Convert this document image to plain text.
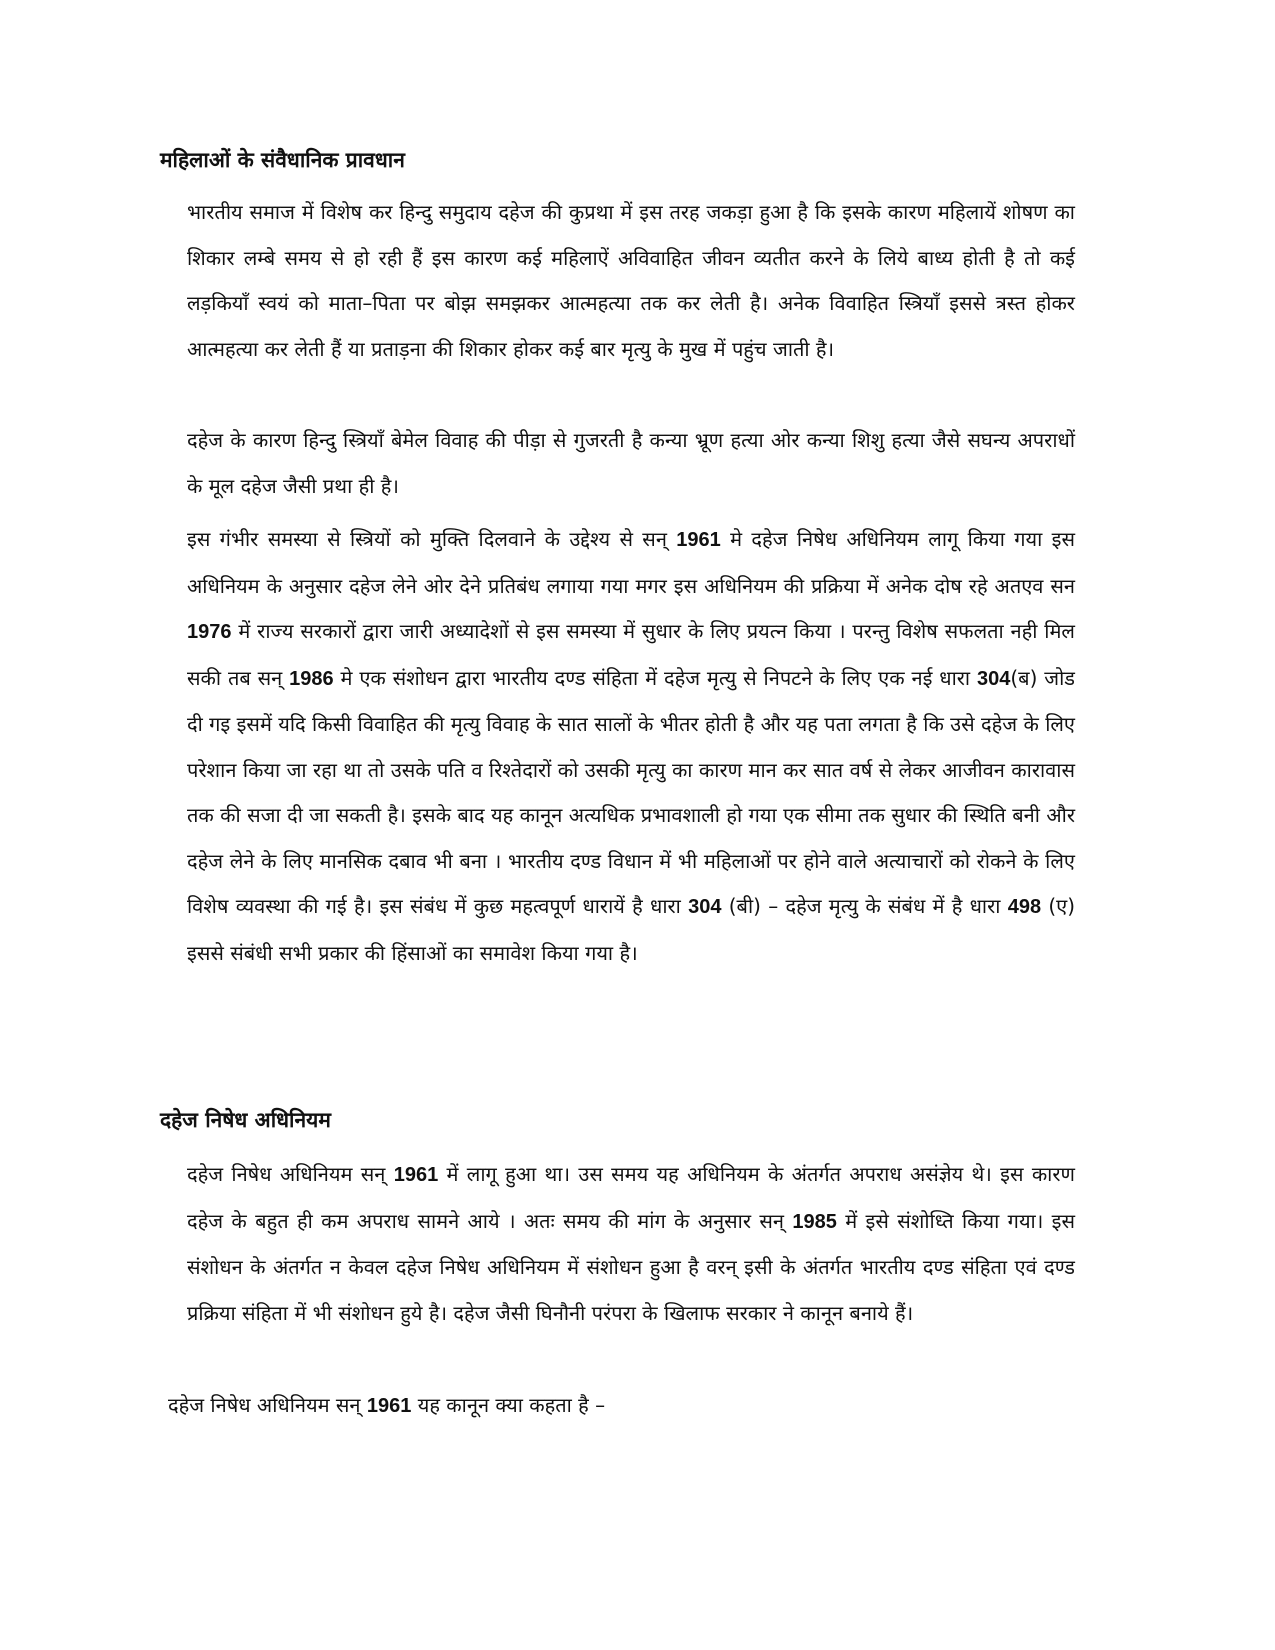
महिलाओं के संवैधानिक प्रावधान

भारतीय समाज में विशेष कर हिन्दु समुदाय दहेज की कुप्रथा में इस तरह जकड़ा हुआ है कि इसके कारण महिलायें शोषण का शिकार लम्बे समय से हो रही हैं इस कारण कई महिलाऐं अविवाहित जीवन व्यतीत करने के लिये बाध्य होती है तो कई लड़कियॉं स्वयं को माता–पिता पर बोझ समझकर आत्महत्या तक कर लेती है। अनेक विवाहित स्त्रियॉं इससे त्रस्त होकर आत्महत्या कर लेती हैं या प्रताड़ना की शिकार होकर कई बार मृत्यु के मुख में पहुंच जाती है।

दहेज के कारण हिन्दु स्त्रियॉं बेमेल विवाह की पीड़ा से गुजरती है कन्या भ्रूण हत्या ओर कन्या शिशु हत्या जैसे सघन्य अपराधों के मूल दहेज जैसी प्रथा ही है।

इस गंभीर समस्या से स्त्रियों को मुक्ति दिलवाने के उद्देश्य से सन् 1961 मे दहेज निषेध अधिनियम लागू किया गया इस अधिनियम के अनुसार दहेज लेने ओर देने प्रतिबंध लगाया गया मगर इस अधिनियम की प्रक्रिया में अनेक दोष रहे अतएव सन 1976 में राज्य सरकारों द्वारा जारी अध्यादेशों से इस समस्या में सुधार के लिए प्रयत्न किया । परन्तु विशेष सफलता नही मिल सकी तब सन् 1986 मे एक संशोधन द्वारा भारतीय दण्ड संहिता में दहेज मृत्यु से निपटने के लिए एक नई धारा 304(ब) जोड दी गइ इसमें यदि किसी विवाहित की मृत्यु विवाह के सात सालों के भीतर होती है और यह पता लगता है कि उसे दहेज के लिए परेशान किया जा रहा था तो उसके पति व रिश्तेदारों को उसकी मृत्यु का कारण मान कर सात वर्ष से लेकर आजीवन कारावास तक की सजा दी जा सकती है। इसके बाद यह कानून अत्यधिक प्रभावशाली हो गया एक सीमा तक सुधार की स्थिति बनी और दहेज लेने के लिए मानसिक दबाव भी बना । भारतीय दण्ड विधान में भी महिलाओं पर होने वाले अत्याचारों को रोकने के लिए विशेष व्यवस्था की गई है। इस संबंध में कुछ महत्वपूर्ण धारायें है धारा 304 (बी) – दहेज मृत्यु के संबंध में है धारा 498 (ए) इससे संबंधी सभी प्रकार की हिंसाओं का समावेश किया गया है।

दहेज निषेध अधिनियम

दहेज निषेध अधिनियम सन् 1961 में लागू हुआ था। उस समय यह अधिनियम के अंतर्गत अपराध असंज्ञेय थे। इस कारण दहेज के बहुत ही कम अपराध सामने आये । अतः समय की मांग के अनुसार सन् 1985 में इसे संशोध्ति किया गया। इस संशोधन के अंतर्गत न केवल दहेज निषेध अधिनियम में संशोधन हुआ है वरन् इसी के अंतर्गत भारतीय दण्ड संहिता एवं दण्ड प्रक्रिया संहिता में भी संशोधन हुये है। दहेज जैसी घिनौनी परंपरा के खिलाफ सरकार ने कानून बनाये हैं।

दहेज निषेध अधिनियम सन् 1961 यह कानून क्या कहता है –
